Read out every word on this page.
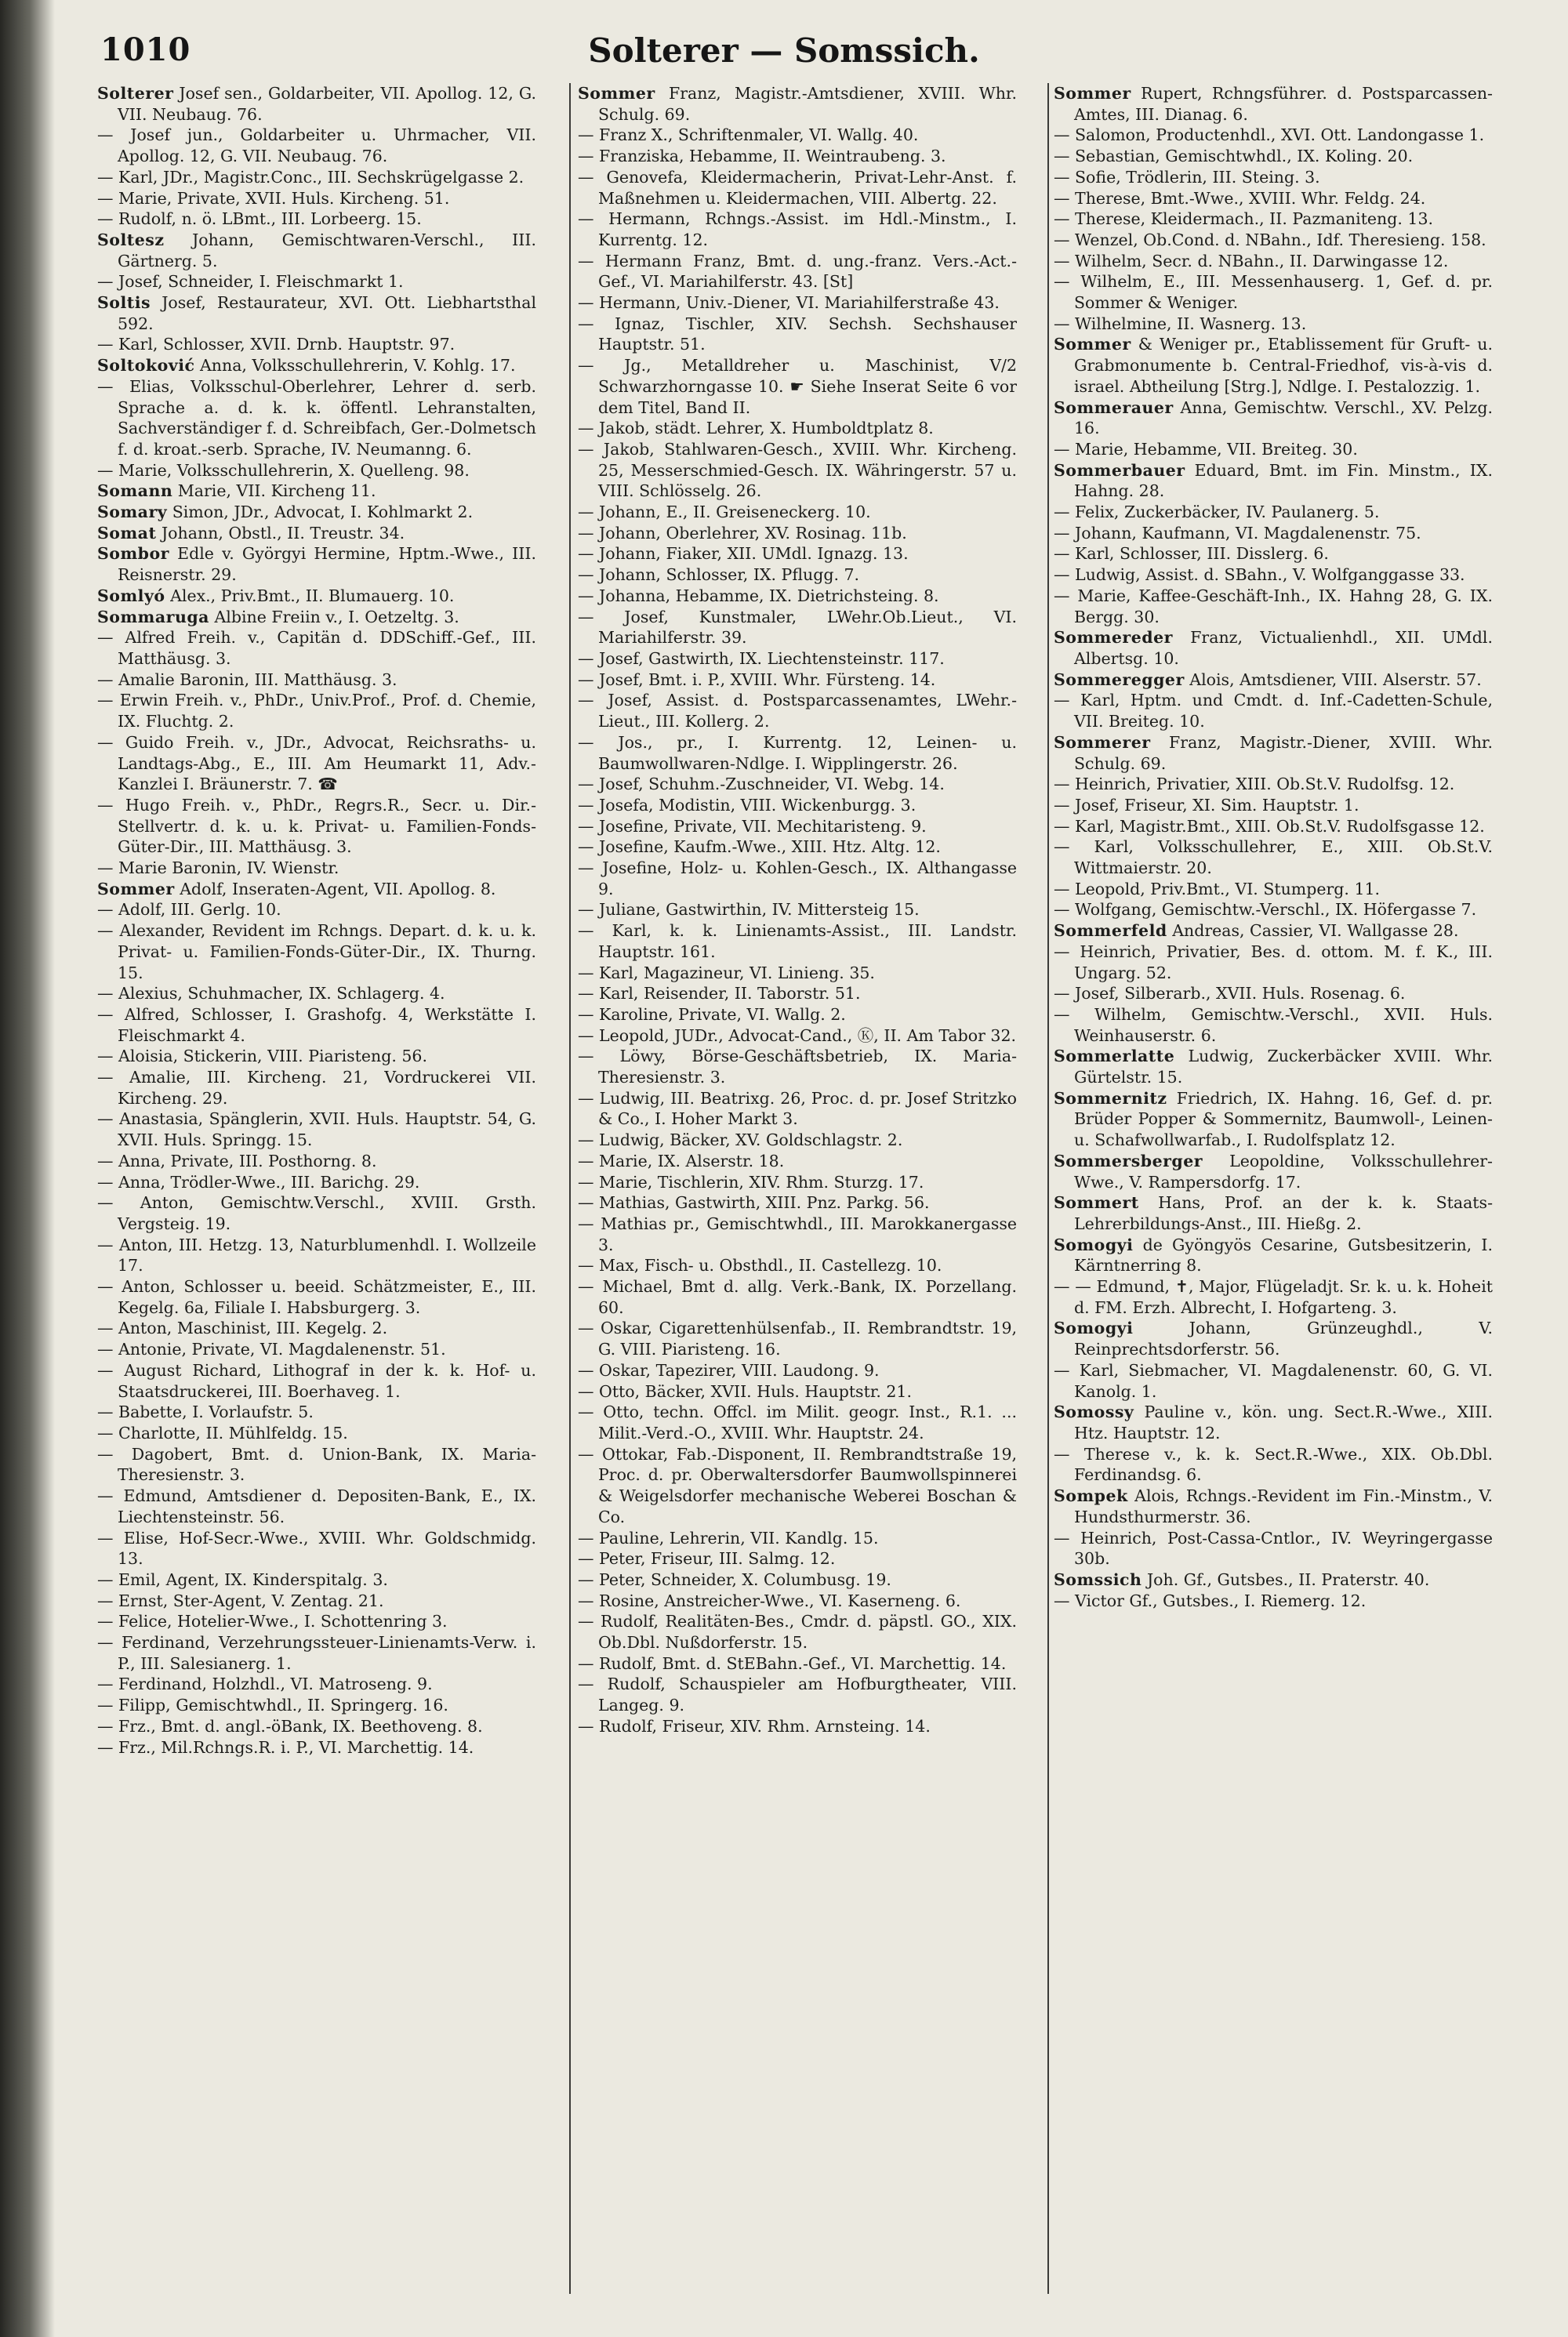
1010	Solterer — Somssich.

Solterer Josef sen., Goldarbeiter, VII. Apollog. 12, G. VII. Neubaug. 76.

— Josef jun., Goldarbeiter u. Uhrmacher, VII. Apollog. 12, G. VII. Neubaug. 76.

— Karl, JDr., Magistr.Conc., III. Sechskrügelgasse 2.

— Marie, Private, XVII. Huls. Kircheng. 51.

— Rudolf, n. ö. LBmt., III. Lorbeerg. 15.

Soltesz Johann, Gemischtwaren-Verschl., III. Gärtnerg. 5.

— Josef, Schneider, I. Fleischmarkt 1.

Soltis Josef, Restaurateur, XVI. Ott. Liebhartsthal 592.

— Karl, Schlosser, XVII. Drnb. Hauptstr. 97.

Soltoković Anna, Volksschullehrerin, V. Kohlg. 17.

— Elias, Volksschul-Oberlehrer, Lehrer d. serb. Sprache a. d. k. k. öffentl. Lehranstalten, Sachverständiger f. d. Schreibfach, Ger.-Dolmetsch f. d. kroat.-serb. Sprache, IV. Neumanng. 6.

— Marie, Volksschullehrerin, X. Quelleng. 98.

Somann Marie, VII. Kircheng 11.

Somary Simon, JDr., Advocat, I. Kohlmarkt 2.

Somat Johann, Obstl., II. Treustr. 34.

Sombor Edle v. Györgyi Hermine, Hptm.-Wwe., III. Reisnerstr. 29.

Somlyó Alex., Priv.Bmt., II. Blumauerg. 10.

Sommaruga Albine Freiin v., I. Oetzeltg. 3.

— Alfred Freih. v., Capitän d. DDSchiff.-Gef., III. Matthäusg. 3.

— Amalie Baronin, III. Matthäusg. 3.

— Erwin Freih. v., PhDr., Univ.Prof., Prof. d. Chemie, IX. Fluchtg. 2.

— Guido Freih. v., JDr., Advocat, Reichsraths- u. Landtags-Abg., E., III. Am Heumarkt 11, Adv.-Kanzlei I. Bräunerstr. 7. ☎

— Hugo Freih. v., PhDr., Regrs.R., Secr. u. Dir.-Stellvertr. d. k. u. k. Privat- u. Familien-Fonds-Güter-Dir., III. Matthäusg. 3.

— Marie Baronin, IV. Wienstr.

Sommer Adolf, Inseraten-Agent, VII. Apollog. 8.

— Adolf, III. Gerlg. 10.

— Alexander, Revident im Rchngs. Depart. d. k. u. k. Privat- u. Familien-Fonds-Güter-Dir., IX. Thurng. 15.

— Alexius, Schuhmacher, IX. Schlagerg. 4.

— Alfred, Schlosser, I. Grashofg. 4, Werkstätte I. Fleischmarkt 4.

— Aloisia, Stickerin, VIII. Piaristeng. 56.

— Amalie, III. Kircheng. 21, Vordruckerei VII. Kircheng. 29.

— Anastasia, Spänglerin, XVII. Huls. Hauptstr. 54, G. XVII. Huls. Springg. 15.

— Anna, Private, III. Posthorng. 8.

— Anna, Trödler-Wwe., III. Barichg. 29.

— Anton, Gemischtw.Verschl., XVIII. Grsth. Vergsteig. 19.

— Anton, III. Hetzg. 13, Naturblumenhdl. I. Wollzeile 17.

— Anton, Schlosser u. beeid. Schätzmeister, E., III. Kegelg. 6a, Filiale I. Habsburgerg. 3.

— Anton, Maschinist, III. Kegelg. 2.

— Antonie, Private, VI. Magdalenenstr. 51.

— August Richard, Lithograf in der k. k. Hof- u. Staatsdruckerei, III. Boerhaveg. 1.

— Babette, I. Vorlaufstr. 5.

— Charlotte, II. Mühlfeldg. 15.

— Dagobert, Bmt. d. Union-Bank, IX. Maria-Theresienstr. 3.

— Edmund, Amtsdiener d. Depositen-Bank, E., IX. Liechtensteinstr. 56.

— Elise, Hof-Secr.-Wwe., XVIII. Whr. Goldschmidg. 13.

— Emil, Agent, IX. Kinderspitalg. 3.

— Ernst, Ster-Agent, V. Zentag. 21.

— Felice, Hotelier-Wwe., I. Schottenring 3.

— Ferdinand, Verzehrungssteuer-Linienamts-Verw. i. P., III. Salesianerg. 1.

— Ferdinand, Holzhdl., VI. Matroseng. 9.

— Filipp, Gemischtwhdl., II. Springerg. 16.

— Frz., Bmt. d. angl.-öBank, IX. Beethoveng. 8.

— Frz., Mil.Rchngs.R. i. P., VI. Marchettig. 14.

Sommer Franz, Magistr.-Amtsdiener, XVIII. Whr. Schulg. 69.

— Franz X., Schriftenmaler, VI. Wallg. 40.

— Franziska, Hebamme, II. Weintraubeng. 3.

— Genovefa, Kleidermacherin, Privat-Lehr-Anst. f. Maßnehmen u. Kleidermachen, VIII. Albertg. 22.

— Hermann, Rchngs.-Assist. im Hdl.-Minstm., I. Kurrentg. 12.

— Hermann Franz, Bmt. d. ung.-franz. Vers.-Act.-Gef., VI. Mariahilferstr. 43. [St]

— Hermann, Univ.-Diener, VI. Mariahilferstraße 43.

— Ignaz, Tischler, XIV. Sechsh. Sechshauser Hauptstr. 51.

— Jg., Metalldreher u. Maschinist, V/2 Schwarzhorngasse 10. ☛ Siehe Inserat Seite 6 vor dem Titel, Band II.

— Jakob, städt. Lehrer, X. Humboldtplatz 8.

— Jakob, Stahlwaren-Gesch., XVIII. Whr. Kircheng. 25, Messerschmied-Gesch. IX. Währingerstr. 57 u. VIII. Schlösselg. 26.

— Johann, E., II. Greiseneckerg. 10.

— Johann, Oberlehrer, XV. Rosinag. 11b.

— Johann, Fiaker, XII. UMdl. Ignazg. 13.

— Johann, Schlosser, IX. Pflugg. 7.

— Johanna, Hebamme, IX. Dietrichsteing. 8.

— Josef, Kunstmaler, LWehr.Ob.Lieut., VI. Mariahilferstr. 39.

— Josef, Gastwirth, IX. Liechtensteinstr. 117.

— Josef, Bmt. i. P., XVIII. Whr. Fürsteng. 14.

— Josef, Assist. d. Postsparcassenamtes, LWehr.-Lieut., III. Kollerg. 2.

— Jos., pr., I. Kurrentg. 12, Leinen- u. Baumwollwaren-Ndlge. I. Wipplingerstr. 26.

— Josef, Schuhm.-Zuschneider, VI. Webg. 14.

— Josefa, Modistin, VIII. Wickenburgg. 3.

— Josefine, Private, VII. Mechitaristeng. 9.

— Josefine, Kaufm.-Wwe., XIII. Htz. Altg. 12.

— Josefine, Holz- u. Kohlen-Gesch., IX. Althangasse 9.

— Juliane, Gastwirthin, IV. Mittersteig 15.

— Karl, k. k. Linienamts-Assist., III. Landstr. Hauptstr. 161.

— Karl, Magazineur, VI. Linieng. 35.

— Karl, Reisender, II. Taborstr. 51.

— Karoline, Private, VI. Wallg. 2.

— Leopold, JUDr., Advocat-Cand., Ⓚ, II. Am Tabor 32.

— Löwy, Börse-Geschäftsbetrieb, IX. Maria-Theresienstr. 3.

— Ludwig, III. Beatrixg. 26, Proc. d. pr. Josef Stritzko & Co., I. Hoher Markt 3.

— Ludwig, Bäcker, XV. Goldschlagstr. 2.

— Marie, IX. Alserstr. 18.

— Marie, Tischlerin, XIV. Rhm. Sturzg. 17.

— Mathias, Gastwirth, XIII. Pnz. Parkg. 56.

— Mathias pr., Gemischtwhdl., III. Marokkanergasse 3.

— Max, Fisch- u. Obsthdl., II. Castellezg. 10.

— Michael, Bmt d. allg. Verk.-Bank, IX. Porzellang. 60.

— Oskar, Cigarettenhülsenfab., II. Rembrandtstr. 19, G. VIII. Piaristeng. 16.

— Oskar, Tapezirer, VIII. Laudong. 9.

— Otto, Bäcker, XVII. Huls. Hauptstr. 21.

— Otto, techn. Offcl. im Milit. geogr. Inst., R.1. ... Milit.-Verd.-O., XVIII. Whr. Hauptstr. 24.

— Ottokar, Fab.-Disponent, II. Rembrandtstraße 19, Proc. d. pr. Oberwaltersdorfer Baumwollspinnerei & Weigelsdorfer mechanische Weberei Boschan & Co.

— Pauline, Lehrerin, VII. Kandlg. 15.

— Peter, Friseur, III. Salmg. 12.

— Peter, Schneider, X. Columbusg. 19.

— Rosine, Anstreicher-Wwe., VI. Kaserneng. 6.

— Rudolf, Realitäten-Bes., Cmdr. d. päpstl. GO., XIX. Ob.Dbl. Nußdorferstr. 15.

— Rudolf, Bmt. d. StEBahn.-Gef., VI. Marchettig. 14.

— Rudolf, Schauspieler am Hofburgtheater, VIII. Langeg. 9.

— Rudolf, Friseur, XIV. Rhm. Arnsteing. 14.

Sommer Rupert, Rchngsführer. d. Postsparcassen-Amtes, III. Dianag. 6.

— Salomon, Productenhdl., XVI. Ott. Landongasse 1.

— Sebastian, Gemischtwhdl., IX. Koling. 20.

— Sofie, Trödlerin, III. Steing. 3.

— Therese, Bmt.-Wwe., XVIII. Whr. Feldg. 24.

— Therese, Kleidermach., II. Pazmaniteng. 13.

— Wenzel, Ob.Cond. d. NBahn., Idf. Theresieng. 158.

— Wilhelm, Secr. d. NBahn., II. Darwingasse 12.

— Wilhelm, E., III. Messenhauserg. 1, Gef. d. pr. Sommer & Weniger.

— Wilhelmine, II. Wasnerg. 13.

Sommer & Weniger pr., Etablissement für Gruft- u. Grabmonumente b. Central-Friedhof, vis-à-vis d. israel. Abtheilung [Strg.], Ndlge. I. Pestalozzig. 1.

Sommerauer Anna, Gemischtw. Verschl., XV. Pelzg. 16.

— Marie, Hebamme, VII. Breiteg. 30.

Sommerbauer Eduard, Bmt. im Fin. Minstm., IX. Hahng. 28.

— Felix, Zuckerbäcker, IV. Paulanerg. 5.

— Johann, Kaufmann, VI. Magdalenenstr. 75.

— Karl, Schlosser, III. Disslerg. 6.

— Ludwig, Assist. d. SBahn., V. Wolfganggasse 33.

— Marie, Kaffee-Geschäft-Inh., IX. Hahng 28, G. IX. Bergg. 30.

Sommereder Franz, Victualienhdl., XII. UMdl. Albertsg. 10.

Sommeregger Alois, Amtsdiener, VIII. Alserstr. 57.

— Karl, Hptm. und Cmdt. d. Inf.-Cadetten-Schule, VII. Breiteg. 10.

Sommerer Franz, Magistr.-Diener, XVIII. Whr. Schulg. 69.

— Heinrich, Privatier, XIII. Ob.St.V. Rudolfsg. 12.

— Josef, Friseur, XI. Sim. Hauptstr. 1.

— Karl, Magistr.Bmt., XIII. Ob.St.V. Rudolfsgasse 12.

— Karl, Volksschullehrer, E., XIII. Ob.St.V. Wittmaierstr. 20.

— Leopold, Priv.Bmt., VI. Stumperg. 11.

— Wolfgang, Gemischtw.-Verschl., IX. Höfergasse 7.

Sommerfeld Andreas, Cassier, VI. Wallgasse 28.

— Heinrich, Privatier, Bes. d. ottom. M. f. K., III. Ungarg. 52.

— Josef, Silberarb., XVII. Huls. Rosenag. 6.

— Wilhelm, Gemischtw.-Verschl., XVII. Huls. Weinhauserstr. 6.

Sommerlatte Ludwig, Zuckerbäcker XVIII. Whr. Gürtelstr. 15.

Sommernitz Friedrich, IX. Hahng. 16, Gef. d. pr. Brüder Popper & Sommernitz, Baumwoll-, Leinen- u. Schafwollwarfab., I. Rudolfsplatz 12.

Sommersberger Leopoldine, Volksschullehrer-Wwe., V. Rampersdorfg. 17.

Sommert Hans, Prof. an der k. k. Staats-Lehrerbildungs-Anst., III. Hießg. 2.

Somogyi de Gyöngyös Cesarine, Gutsbesitzerin, I. Kärntnerring 8.

— — Edmund, ✝, Major, Flügeladjt. Sr. k. u. k. Hoheit d. FM. Erzh. Albrecht, I. Hofgarteng. 3.

Somogyi	Johann, Grünzeughdl., V. Reinprechtsdorferstr. 56.

— Karl, Siebmacher, VI. Magdalenenstr. 60, G. VI. Kanolg. 1.

Somossy Pauline v., kön. ung. Sect.R.-Wwe., XIII. Htz. Hauptstr. 12.

— Therese v., k. k. Sect.R.-Wwe., XIX. Ob.Dbl. Ferdinandsg. 6.

Sompek Alois, Rchngs.-Revident im Fin.-Minstm., V. Hundsthurmerstr. 36.

— Heinrich, Post-Cassa-Cntlor., IV. Weyringergasse 30b.

Somssich Joh. Gf., Gutsbes., II. Praterstr. 40.

— Victor Gf., Gutsbes., I. Riemerg. 12.
